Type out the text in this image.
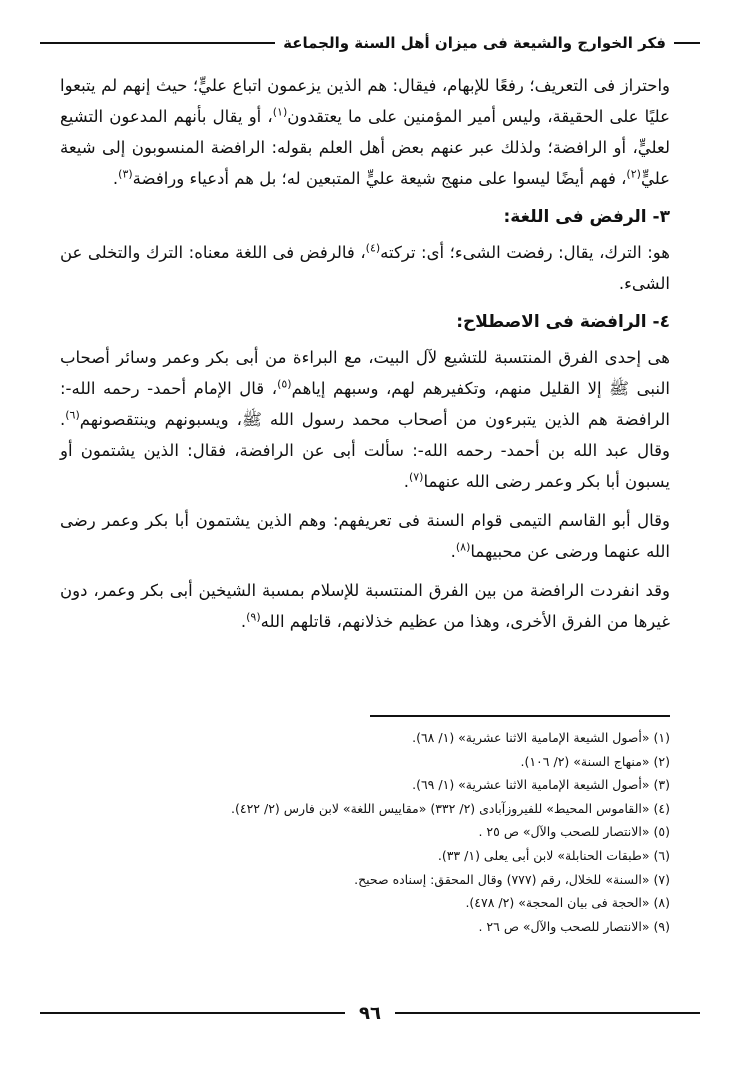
فكر الخوارج والشيعة فى ميزان أهل السنة والجماعة

واحتراز فى التعريف؛ رفعًا للإبهام، فيقال: هم الذين يزعمون اتباع عليٍّ؛ حيث إنهم لم يتبعوا عليًا على الحقيقة، وليس أمير المؤمنين على ما يعتقدون$^{(١)}$، أو يقال بأنهم المدعون التشيع لعليٍّ، أو الرافضة؛ ولذلك عبر عنهم بعض أهل العلم بقوله: الرافضة المنسوبون إلى شيعة عليٍّ$^{(٢)}$، فهم أيضًا ليسوا على منهج شيعة عليٍّ المتبعين له؛ بل هم أدعياء ورافضة$^{(٣)}$.

٣- الرفض فى اللغة:

هو: الترك، يقال: رفضت الشىء؛ أى: تركته$^{(٤)}$، فالرفض فى اللغة معناه: الترك والتخلى عن الشىء.

٤- الرافضة فى الاصطلاح:

هى إحدى الفرق المنتسبة للتشيع لآل البيت، مع البراءة من أبى بكر وعمر وسائر أصحاب النبى ﷺ إلا القليل منهم، وتكفيرهم لهم، وسبهم إياهم$^{(٥)}$، قال الإمام أحمد- رحمه الله-: الرافضة هم الذين يتبرءون من أصحاب محمد رسول الله ﷺ، ويسبونهم وينتقصونهم$^{(٦)}$. وقال عبد الله بن أحمد- رحمه الله-: سألت أبى عن الرافضة، فقال: الذين يشتمون أو يسبون أبا بكر وعمر رضى الله عنهما$^{(٧)}$.

وقال أبو القاسم التيمى قوام السنة فى تعريفهم: وهم الذين يشتمون أبا بكر وعمر رضى الله عنهما ورضى عن محبيهما$^{(٨)}$.

وقد انفردت الرافضة من بين الفرق المنتسبة للإسلام بمسبة الشيخين أبى بكر وعمر، دون غيرها من الفرق الأخرى، وهذا من عظيم خذلانهم، قاتلهم الله$^{(٩)}$.

(١) «أصول الشيعة الإمامية الاثنا عشرية» (١/ ٦٨).
(٢) «منهاج السنة» (٢/ ١٠٦).
(٣) «أصول الشيعة الإمامية الاثنا عشرية» (١/ ٦٩).
(٤) «القاموس المحيط» للفيروزآبادى (٢/ ٣٣٢) «مقاييس اللغة» لابن فارس (٢/ ٤٢٢).
(٥) «الانتصار للصحب والآل» ص ٢٥ .
(٦) «طبقات الحنابلة» لابن أبى يعلى (١/ ٣٣).
(٧) «السنة» للخلال، رقم (٧٧٧) وقال المحقق: إسناده صحيح.
(٨) «الحجة فى بيان المحجة» (٢/ ٤٧٨).
(٩) «الانتصار للصحب والآل» ص ٢٦ .
٩٦
